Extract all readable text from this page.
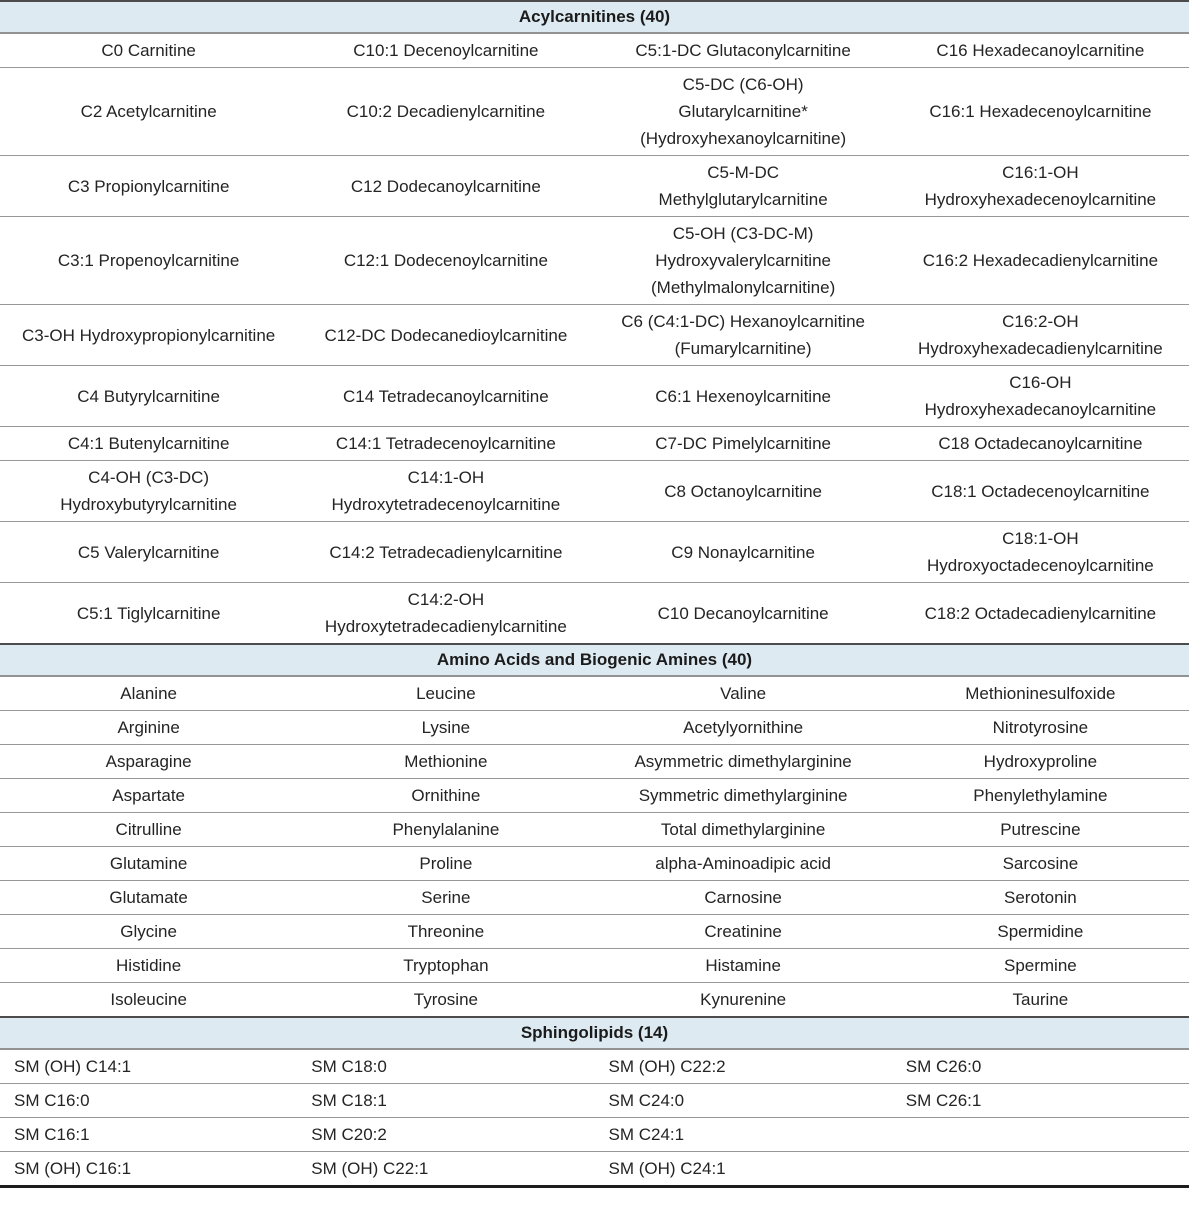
Acylcarnitines (40)			

C0 Carnitine	C10:1 Decenoylcarnitine	C5:1-DC Glutaconylcarnitine	C16 Hexadecanoylcarnitine

C2 Acetylcarnitine	C10:2 Decadienylcarnitine	C5-DC (C6-OH)
Glutarylcarnitine*
(Hydroxyhexanoylcarnitine)	C16:1 Hexadecenoylcarnitine

C3 Propionylcarnitine	C12 Dodecanoylcarnitine	C5-M-DC
Methylglutarylcarnitine	C16:1-OH
Hydroxyhexadecenoylcarnitine

C3:1 Propenoylcarnitine	C12:1 Dodecenoylcarnitine	C5-OH (C3-DC-M)
Hydroxyvalerylcarnitine
(Methylmalonylcarnitine)	C16:2 Hexadecadienylcarnitine

C3-OH Hydroxypropionylcarnitine	C12-DC Dodecanedioylcarnitine	C6 (C4:1-DC) Hexanoylcarnitine
(Fumarylcarnitine)	C16:2-OH
Hydroxyhexadecadienylcarnitine

C4 Butyrylcarnitine	C14 Tetradecanoylcarnitine	C6:1 Hexenoylcarnitine	C16-OH
Hydroxyhexadecanoylcarnitine

C4:1 Butenylcarnitine	C14:1 Tetradecenoylcarnitine	C7-DC Pimelylcarnitine	C18 Octadecanoylcarnitine

C4-OH (C3-DC)
Hydroxybutyrylcarnitine	C14:1-OH
Hydroxytetradecenoylcarnitine	C8 Octanoylcarnitine	C18:1 Octadecenoylcarnitine

C5 Valerylcarnitine	C14:2 Tetradecadienylcarnitine	C9 Nonaylcarnitine	C18:1-OH
Hydroxyoctadecenoylcarnitine

C5:1 Tiglylcarnitine	C14:2-OH
Hydroxytetradecadienylcarnitine	C10 Decanoylcarnitine	C18:2 Octadecadienylcarnitine

Amino Acids and Biogenic Amines (40)			

Alanine	Leucine	Valine	Methioninesulfoxide

Arginine	Lysine	Acetylyornithine	Nitrotyrosine

Asparagine	Methionine	Asymmetric dimethylarginine	Hydroxyproline

Aspartate	Ornithine	Symmetric dimethylarginine	Phenylethylamine

Citrulline	Phenylalanine	Total dimethylarginine	Putrescine

Glutamine	Proline	alpha-Aminoadipic acid	Sarcosine

Glutamate	Serine	Carnosine	Serotonin

Glycine	Threonine	Creatinine	Spermidine

Histidine	Tryptophan	Histamine	Spermine

Isoleucine	Tyrosine	Kynurenine	Taurine

Sphingolipids (14)			

SM (OH) C14:1	SM C18:0	SM (OH) C22:2	SM C26:0

SM C16:0	SM C18:1	SM C24:0	SM C26:1

SM C16:1	SM C20:2	SM C24:1	

SM (OH) C16:1	SM (OH) C22:1	SM (OH) C24:1	
